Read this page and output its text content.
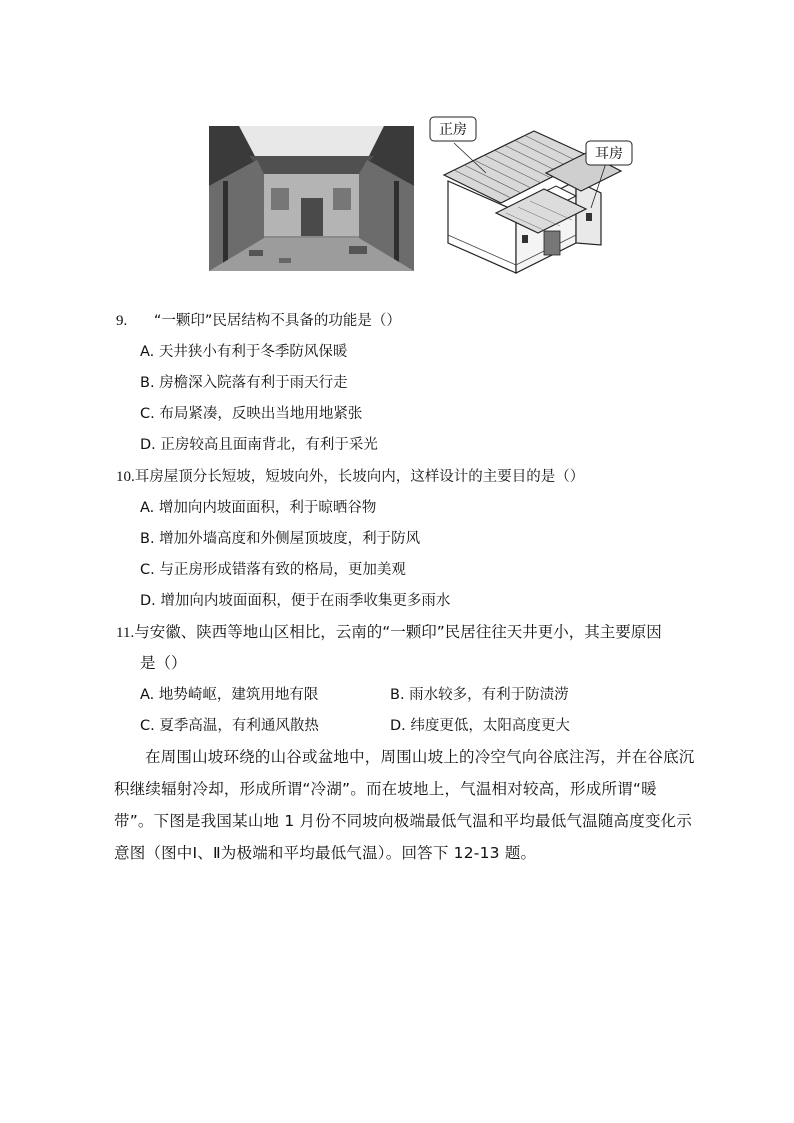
正房
耳房
9. “一颗印”民居结构不具备的功能是（）
A. 天井狭小有利于冬季防风保暖
B. 房檐深入院落有利于雨天行走
C. 布局紧凑，反映出当地用地紧张
D. 正房较高且面南背北，有利于采光
10.耳房屋顶分长短坡，短坡向外，长坡向内，这样设计的主要目的是（）
A. 增加向内坡面面积，利于晾晒谷物
B. 增加外墙高度和外侧屋顶坡度，利于防风
C. 与正房形成错落有致的格局，更加美观
D. 增加向内坡面面积，便于在雨季收集更多雨水
11.与安徽、陕西等地山区相比，云南的“一颗印”民居往往天井更小，其主要原因
是（）
A. 地势崎岖，建筑用地有限	B. 雨水较多，有利于防渍涝
C. 夏季高温，有利通风散热	D. 纬度更低，太阳高度更大
在周围山坡环绕的山谷或盆地中，周围山坡上的冷空气向谷底注泻，并在谷底沉
积继续辐射冷却，形成所谓“冷湖”。而在坡地上，气温相对较高，形成所谓“暖
带”。下图是我国某山地 1 月份不同坡向极端最低气温和平均最低气温随高度变化示
意图（图中Ⅰ、Ⅱ为极端和平均最低气温）。回答下 12-13 题。
